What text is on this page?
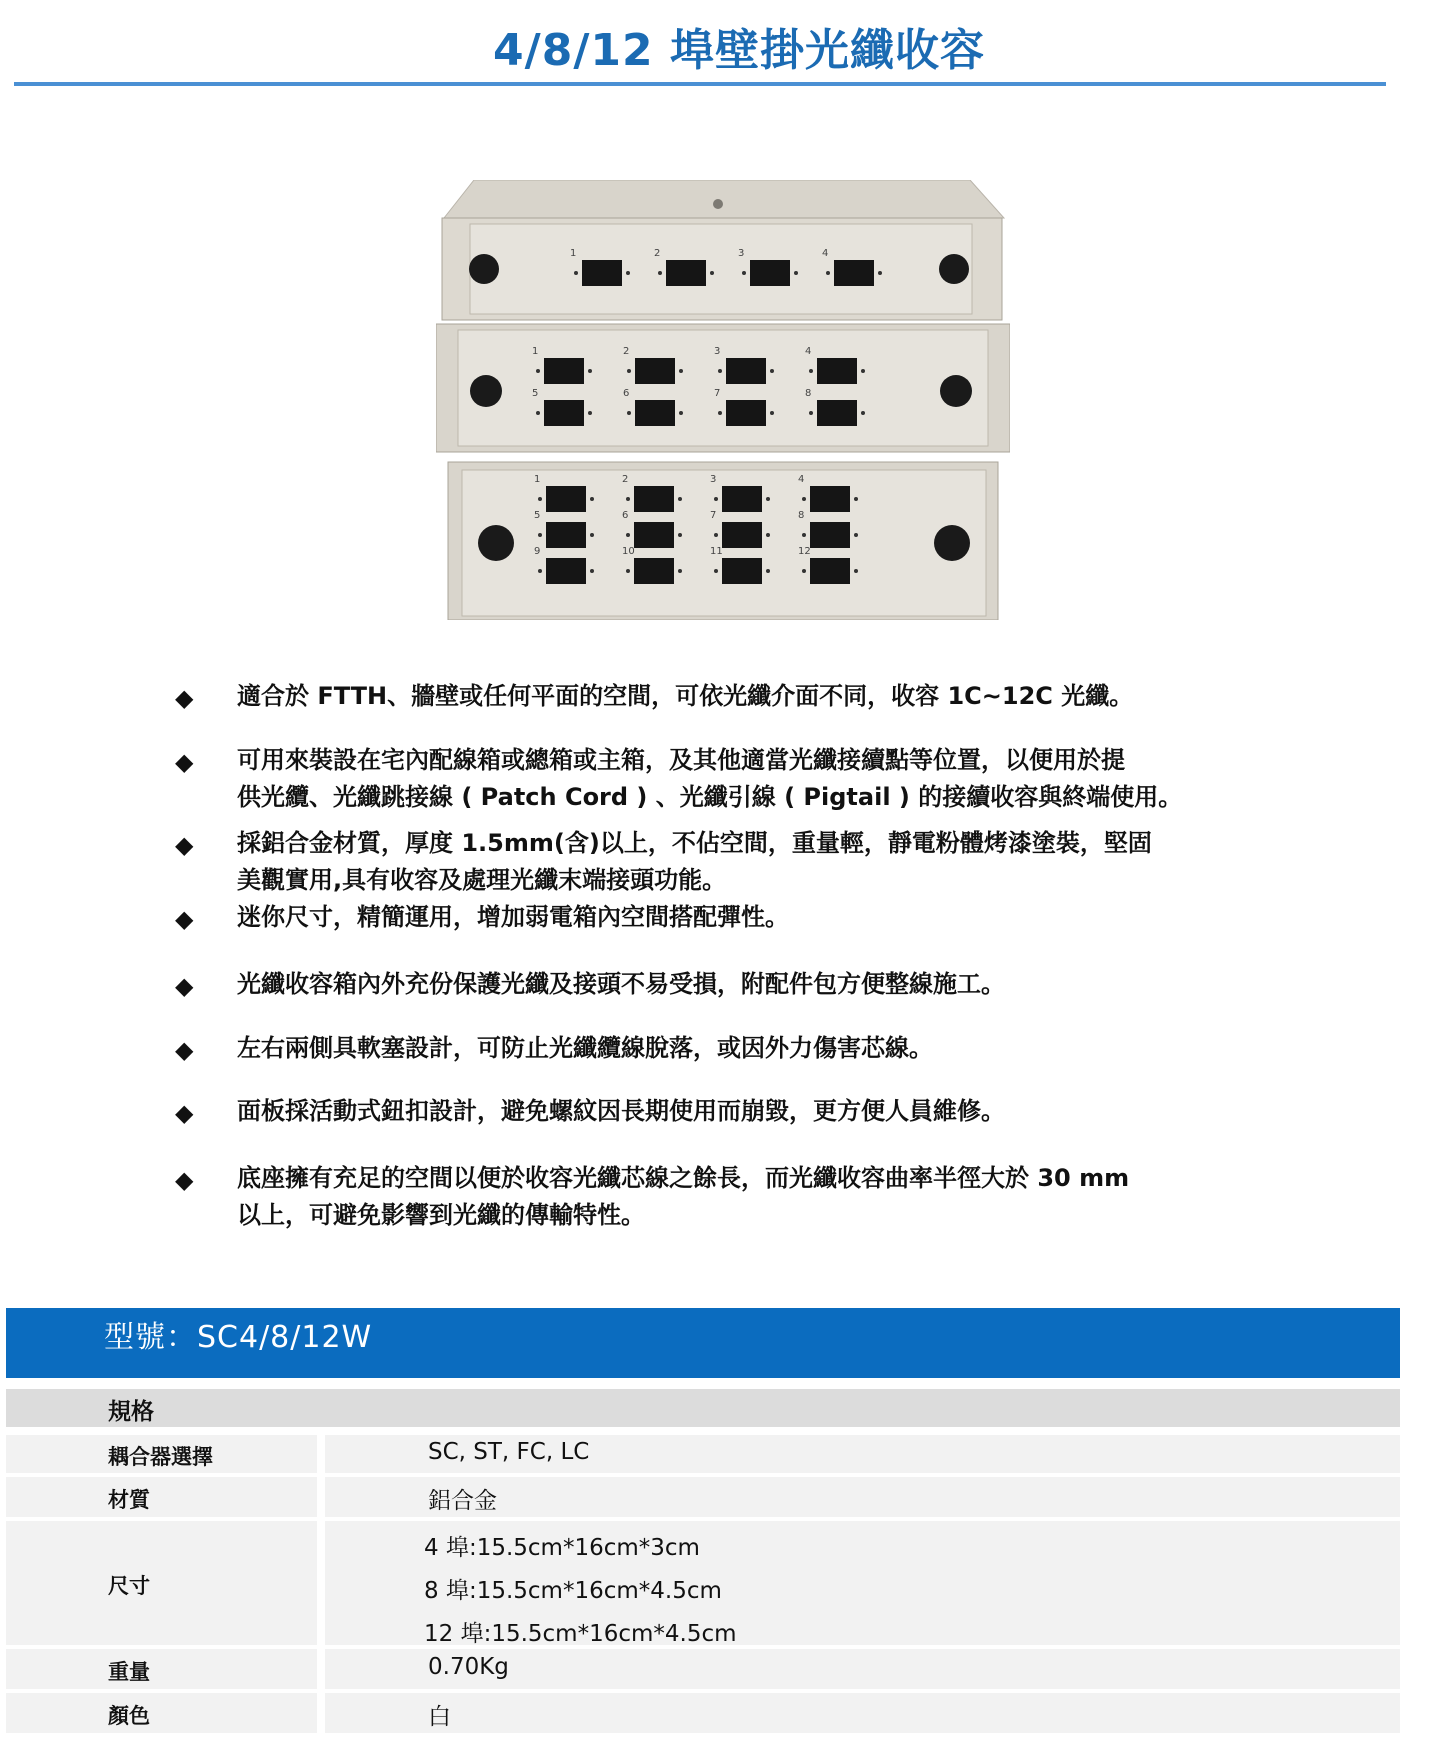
4/8/12 埠壁掛光纖收容
1	2	3	4
1	2	3	4
5	6	7	8
1	2	3	4
5	6	7	8
9	10	11	12
◆ 適合於 FTTH、牆壁或任何平面的空間，可依光纖介面不同，收容 1C~12C 光纖。
◆ 可用來裝設在宅內配線箱或總箱或主箱，及其他適當光纖接續點等位置，以便用於提
供光纜、光纖跳接線 ( Patch Cord ) 、光纖引線 ( Pigtail ) 的接續收容與終端使用。
◆ 採鋁合金材質，厚度 1.5mm(含)以上，不佔空間，重量輕，靜電粉體烤漆塗裝，堅固
美觀實用,具有收容及處理光纖末端接頭功能。
◆ 迷你尺寸，精簡運用，增加弱電箱內空間搭配彈性。
◆ 光纖收容箱內外充份保護光纖及接頭不易受損，附配件包方便整線施工。
◆ 左右兩側具軟塞設計，可防止光纖纜線脫落，或因外力傷害芯線。
◆ 面板採活動式鈕扣設計，避免螺紋因長期使用而崩毀，更方便人員維修。
◆ 底座擁有充足的空間以便於收容光纖芯線之餘長，而光纖收容曲率半徑大於 30 mm
以上，可避免影響到光纖的傳輸特性。
型號：SC4/8/12W
規格
耦合器選擇	SC, ST, FC, LC
材質	鋁合金
尺寸
4 埠:15.5cm*16cm*3cm
8 埠:15.5cm*16cm*4.5cm
12 埠:15.5cm*16cm*4.5cm
重量	0.70Kg
顏色	白
